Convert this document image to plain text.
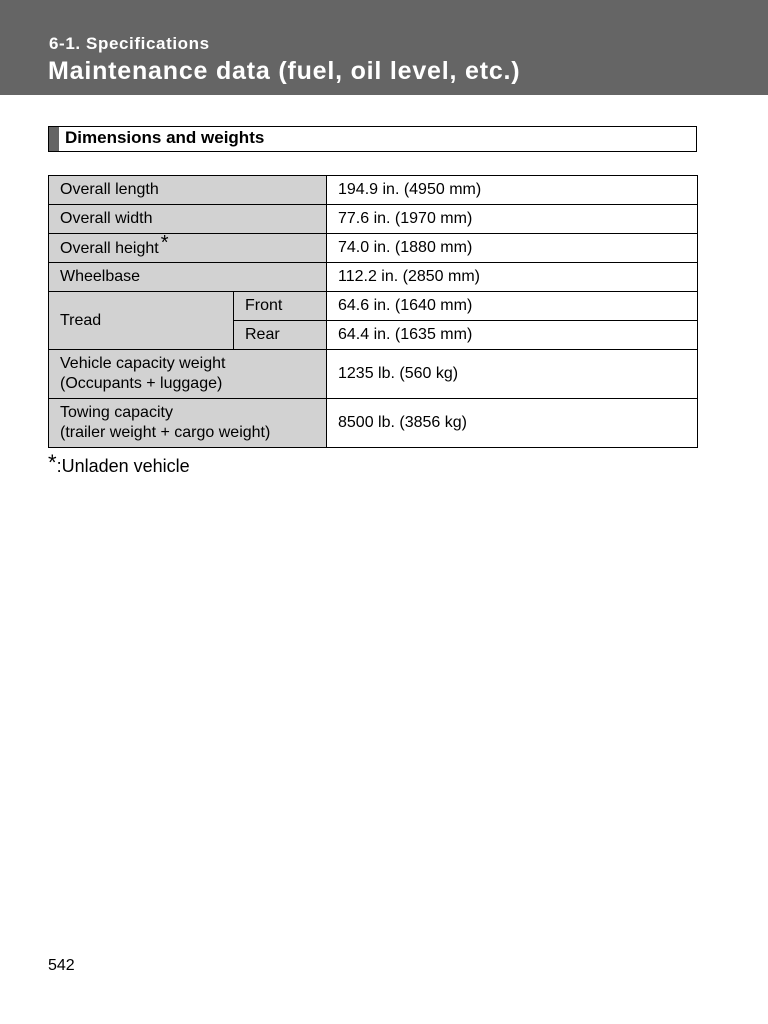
6-1. Specifications
Maintenance data (fuel, oil level, etc.)
Dimensions and weights
Overall length		194.9 in. (4950 mm)
Overall width		77.6 in. (1970 mm)
Overall height *		74.0 in. (1880 mm)
Wheelbase		112.2 in. (2850 mm)
Tread	Front	64.6 in. (1640 mm)
	Rear	64.4 in. (1635 mm)

Vehicle capacity weight
(Occupants + luggage)		1235 lb. (560 kg)

Towing capacity
(trailer weight + cargo weight)		8500 lb. (3856 kg)
*:Unladen vehicle
542
